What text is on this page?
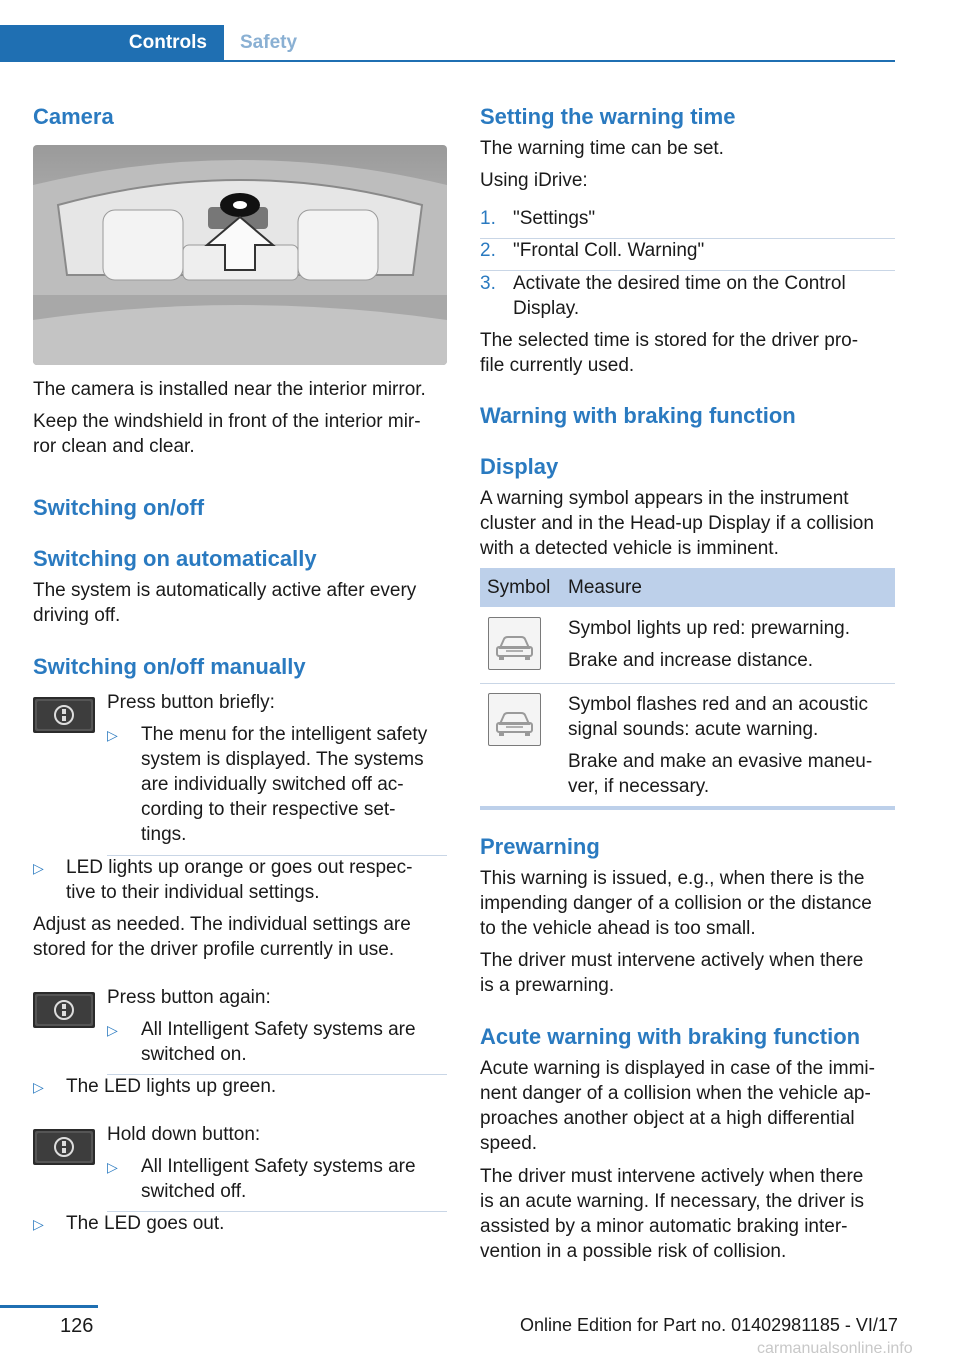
Controls	Safety
Camera

The camera is installed near the interior mirror.

Keep the windshield in front of the interior mir-

ror clean and clear.

Switching on/off
Switching on automatically

The system is automatically active after every

driving off.

Switching on/off manually

Press button briefly:

▷ The menu for the intelligent safety

system is displayed. The systems

are individually switched off ac-

cording to their respective set-

tings.

▷ LED lights up orange or goes out respec-

tive to their individual settings.

Adjust as needed. The individual settings are

stored for the driver profile currently in use.

Press button again:

▷ All Intelligent Safety systems are

switched on.

▷ The LED lights up green.

Hold down button:

▷ All Intelligent Safety systems are

switched off.

▷ The LED goes out.

Setting the warning time

The warning time can be set.

Using iDrive:

1. "Settings"

2. "Frontal Coll. Warning"

3. Activate the desired time on the Control

Display.

The selected time is stored for the driver pro-

file currently used.

Warning with braking function
Display

A warning symbol appears in the instrument

cluster and in the Head-up Display if a collision

with a detected vehicle is imminent.

Symbol Measure

Symbol lights up red: prewarning.

Brake and increase distance.

Symbol flashes red and an acoustic

signal sounds: acute warning.

Brake and make an evasive maneu-

ver, if necessary.

Prewarning

This warning is issued, e.g., when there is the

impending danger of a collision or the distance

to the vehicle ahead is too small.

The driver must intervene actively when there

is a prewarning.

Acute warning with braking function

Acute warning is displayed in case of the immi-

nent danger of a collision when the vehicle ap-

proaches another object at a high differential

speed.

The driver must intervene actively when there

is an acute warning. If necessary, the driver is

assisted by a minor automatic braking inter-

vention in a possible risk of collision.

126	Online Edition for Part no. 01402981185 - VI/17
carmanualsonline.info
